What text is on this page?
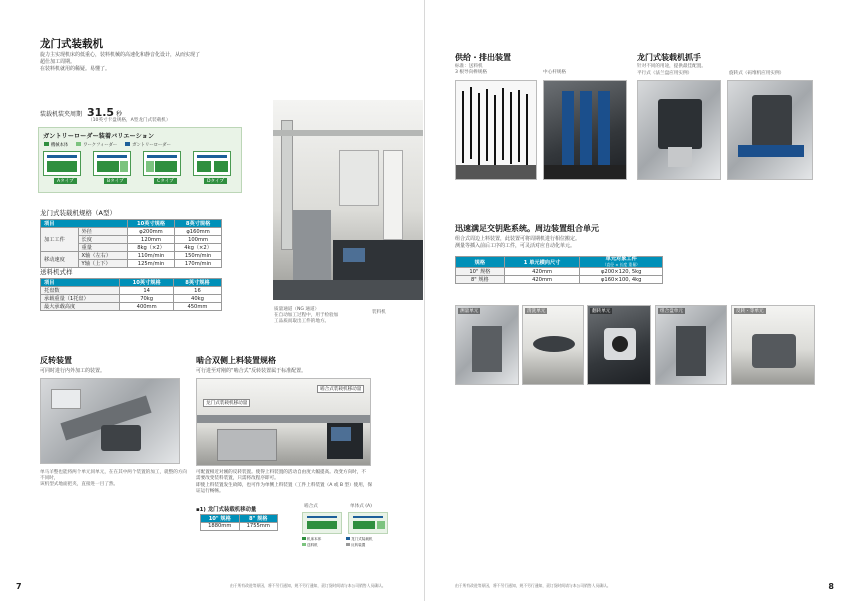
龙门式装载机
旋力主实现机床的低重心，装料机械的高速化和静音化设计，从而实现了
超仕加工周期。
在装料机就用的稀疑。易懂了。
装载机装夹周期 31.5 秒
（10英寸卡盘规格，A型龙门式装载机）
ガントリーローダー装着バリエーション
機械本体	ワークフィーダー	ガントリーローダー
Aタイプ	Bタイプ	Cタイプ	Dタイプ
龙门式装载机规格（A型）
项目		10英寸规格	8英寸规格
加工工件	外径	φ200mm	φ160mm
	长度	120mm	100mm
	重量	8kg（×2）	4kg（×2）
移动速度	X轴（左右）	110m/min	150m/min
	Y轴（上下）	125m/min	170m/min
送料机式样
项目	10英寸规格	8英寸规格
托盘数	14	16
承载重量（1托盘）	70kg	40kg
最大承载高度	400mm	450mm
反转装置
可同时进行内外加工的装置。
单马羊整也能将两个单元同单元，在在其中两个装置的加工，就整的方向不同时，
该机型式地面把夹，直接进一目了然。
啮合双侧上料装置规格
可行进至对刚的“啮合式”反转装置属于标准配置。
啮合式装载机移动量
龙门式装载机移动量
可配置相近对刚的反转装置。使得上料装置的活动自由度大幅提高。改变方向时，不
需要改变装料装置，只需将改程序即可。
即使上料装置发生故障，也可作为单侧上料装置（工件上料装置（A 或 B 型）使用，保
证运行畅畅。
▪1) 龙门式装载机移动量
10" 规格	8" 规格
1880mm	1755mm
啮合式	单体式 (A)
机床本体	龙门式装载机
送料机	反转装置
7	由于所有改进等原因，将不另行通知，规不另行通知，责订货时间请与本公司销售人员确认。
质量通道（NG 通道）
在自动加工过程中，用于检验加
工品质而取出工件的地方。
装料机
供给・排出装置
标准：送料机
3 根导向棒规格	中心杆规格
龙门式装载机抓手
针对不同的用途，提供最佳配置。
平行式（法兰盘应用实例）	旋转式（码堆机应用实例）
迅速满足交钥匙系统。周边装置组合单元
组合式周边上料装置，此装置可将周期机进行相位搬定。
测量等插入前后工序的工件，可灵活对应自动化单元。
规格	1 单元横向尺寸	单元对象工件
（直径 × 长度 重量）

10" 规格	420mm	φ200×120, 5kg
8" 规格	420mm	φ160×100, 4kg
测量单元	清洗单元	翻转单元	组合盘单元	反转・等单元
8
由于所有改进等原因，将不另行通知，规不另行通知，责订货时间请与本公司销售人员确认。
